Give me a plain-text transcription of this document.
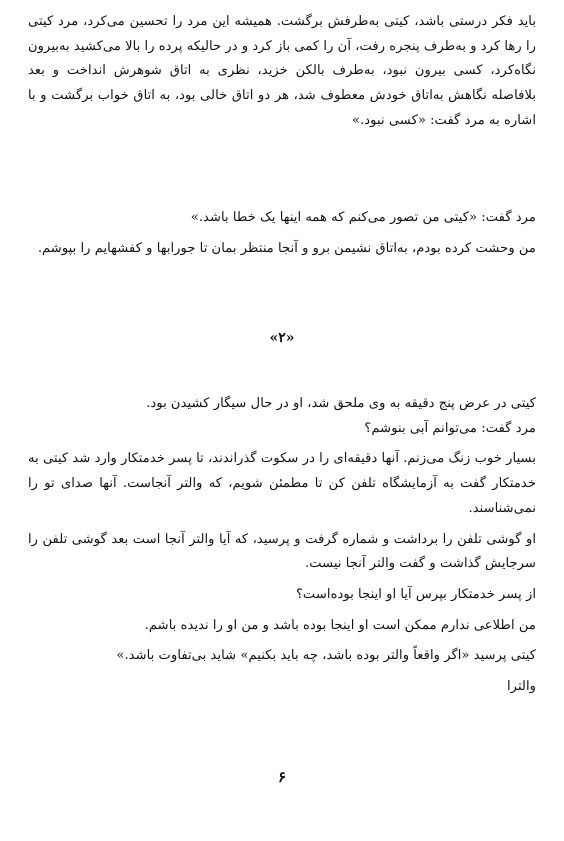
باید فکر درستی باشد، کیتی به‌طرفش برگشت. همیشه این مرد را تحسین می‌کرد، مرد کیتی را رها کرد و به‌طرف پنجره رفت، آن را کمی باز کرد و در حالیکه پرده را بالا می‌کشید به‌بیرون نگاه‌کرد، کسی بیرون نبود، به‌طرف بالکن خزید، نظری به اتاق شوهرش انداخت و بعد بلافاصله نگاهش به‌اتاق خودش معطوف شد، هر دو اتاق خالی بود، به اتاق خواب برگشت و با اشاره به مرد گفت: «کسی نبود.»

مرد گفت: «کیتی من تصور می‌کنم که همه اینها یک خطا باشد.»

من وحشت کرده بودم، به‌اتاق نشیمن برو و آنجا منتظر بمان تا جورابها و کفشهایم را بپوشم.

«۲»

کیتی در عرض پنج دقیقه به وی ملحق شد، او در حال سیگار کشیدن بود.

مرد گفت: می‌توانم آبی بنوشم؟

بسیار خوب زنگ می‌زنم. آنها دقیقه‌ای را در سکوت گذراندند، تا پسر خدمتکار وارد شد کیتی به خدمتکار گفت به آزمایشگاه تلفن کن تا مطمئن شویم، که والتر آنجاست. آنها صدای تو را نمی‌شناسند.

او گوشی تلفن را برداشت و شماره گرفت و پرسید، که آیا والتر آنجا است بعد گوشی تلفن را سرجایش گذاشت و گفت والتر آنجا نیست.

از پسر خدمتکار بپرس آیا او اینجا بوده‌است؟

من اطلاعی ندارم ممکن است او اینجا بوده باشد و من او را ندیده باشم.

کیتی پرسید «اگر واقعاً والتر بوده باشد، چه باید بکنیم» شاید بی‌تفاوت باشد.»

والترا

۶
